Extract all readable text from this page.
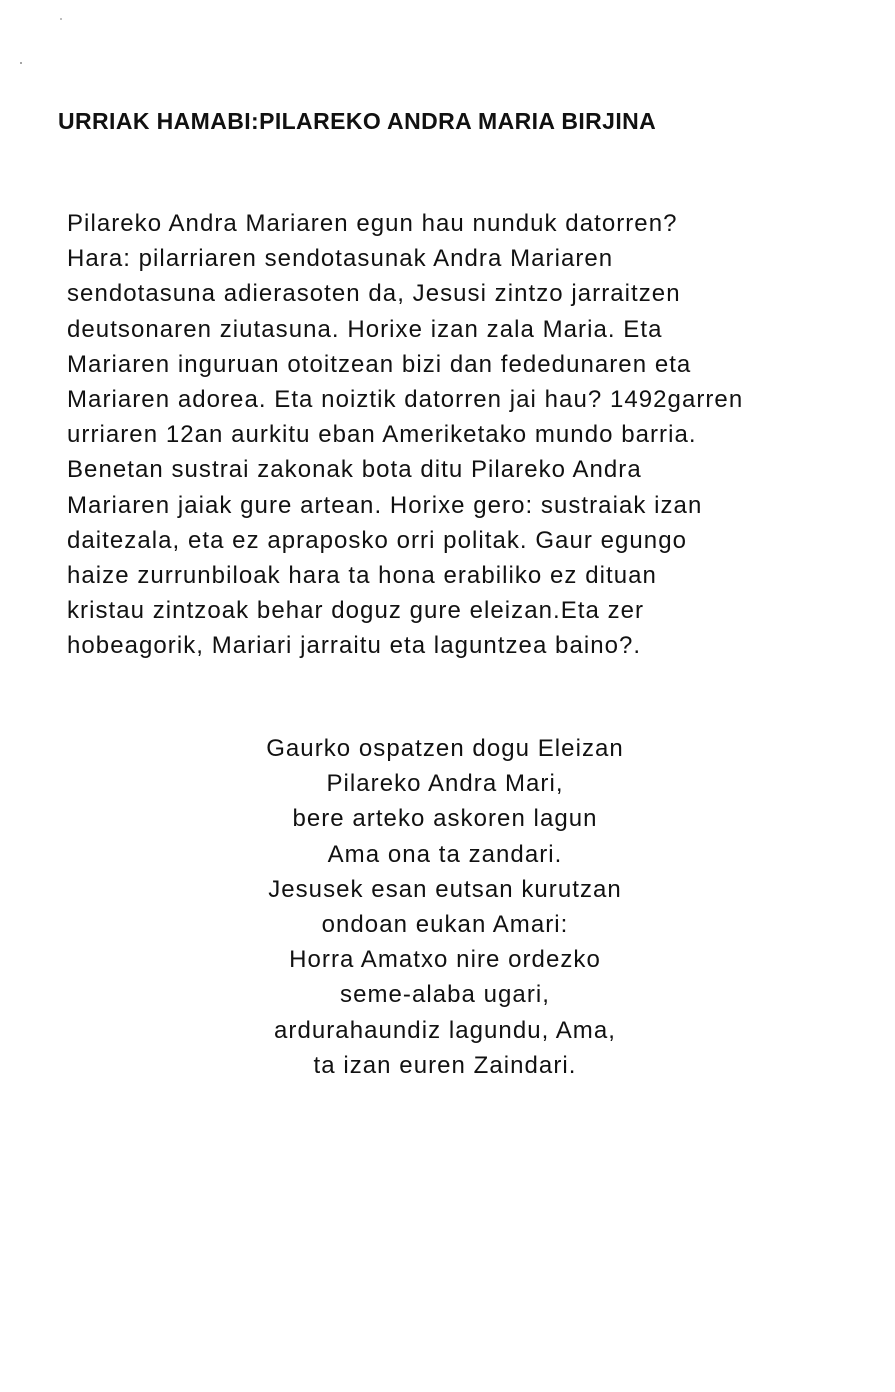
URRIAK HAMABI:PILAREKO ANDRA MARIA BIRJINA
Pilareko Andra Mariaren egun hau nunduk datorren?
Hara: pilarriaren sendotasunak Andra Mariaren
sendotasuna adierasoten da, Jesusi zintzo jarraitzen
deutsonaren ziutasuna. Horixe izan zala Maria. Eta
Mariaren inguruan otoitzean bizi dan fededunaren eta
Mariaren adorea. Eta noiztik datorren jai hau? 1492garren
urriaren 12an aurkitu eban Ameriketako mundo barria.
Benetan sustrai zakonak bota ditu Pilareko Andra
Mariaren jaiak gure artean. Horixe gero: sustraiak izan
daitezala, eta ez apraposko orri politak. Gaur egungo
haize zurrunbiloak hara ta hona erabiliko ez dituan
kristau zintzoak behar doguz gure eleizan.Eta zer
hobeagorik, Mariari jarraitu eta laguntzea baino?.
Gaurko ospatzen dogu Eleizan
Pilareko Andra Mari,
bere arteko askoren lagun
Ama ona ta zandari.
Jesusek esan eutsan kurutzan
ondoan eukan Amari:
Horra Amatxo nire ordezko
seme-alaba ugari,
ardurahaundiz lagundu, Ama,
ta izan euren Zaindari.
